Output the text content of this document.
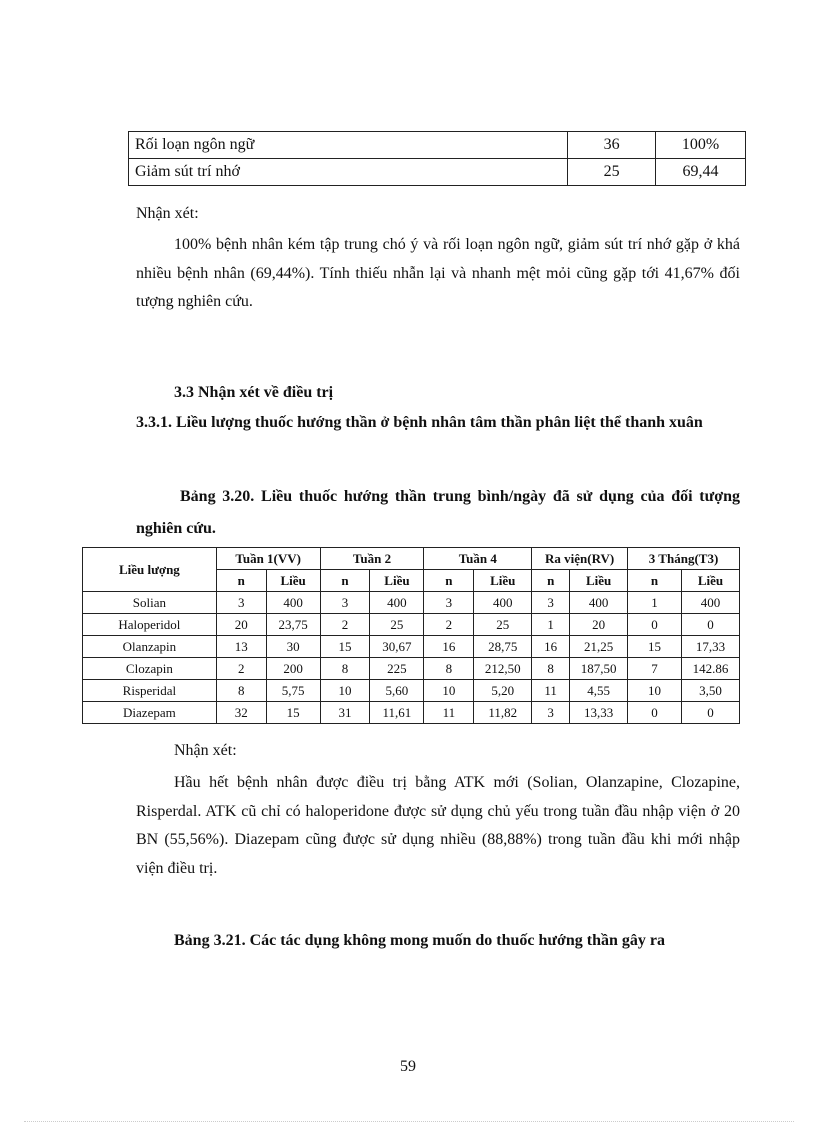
Rối loạn ngôn ngữ	36	100%
Giảm sút trí nhớ	25	69,44
Nhận xét:
100% bệnh nhân kém tập trung chó ý và rối loạn ngôn ngữ, giảm sút trí nhớ gặp ở khá nhiều bệnh nhân (69,44%). Tính thiếu nhẫn lại và nhanh mệt mỏi cũng gặp tới 41,67% đối tượng nghiên cứu.
3.3 Nhận xét về điều trị
3.3.1. Liều lượng thuốc hướng thần ở bệnh nhân tâm thần phân liệt thể thanh xuân
Bảng 3.20. Liều thuốc hướng thần trung bình/ngày đã sử dụng của đối tượng nghiên cứu.
Liều lượng	Tuần 1(VV)		Tuần 2		Tuần 4		Ra viện(RV)		3 Tháng(T3)	
	n	Liều	n	Liều	n	Liều	n	Liều	n	Liều
Solian	3	400	3	400	3	400	3	400	1	400
Haloperidol	20	23,75	2	25	2	25	1	20	0	0
Olanzapin	13	30	15	30,67	16	28,75	16	21,25	15	17,33
Clozapin	2	200	8	225	8	212,50	8	187,50	7	142.86
Risperidal	8	5,75	10	5,60	10	5,20	11	4,55	10	3,50
Diazepam	32	15	31	11,61	11	11,82	3	13,33	0	0
Nhận xét:
Hầu hết bệnh nhân được điều trị bằng ATK mới (Solian, Olanzapine, Clozapine, Risperdal. ATK cũ chỉ có haloperidone được sử dụng chủ yếu trong tuần đầu nhập viện ở 20 BN (55,56%). Diazepam cũng được sử dụng nhiều (88,88%) trong tuần đầu khi mới nhập viện điều trị.
Bảng 3.21. Các tác dụng không mong muốn do thuốc hướng thần gây ra
59
